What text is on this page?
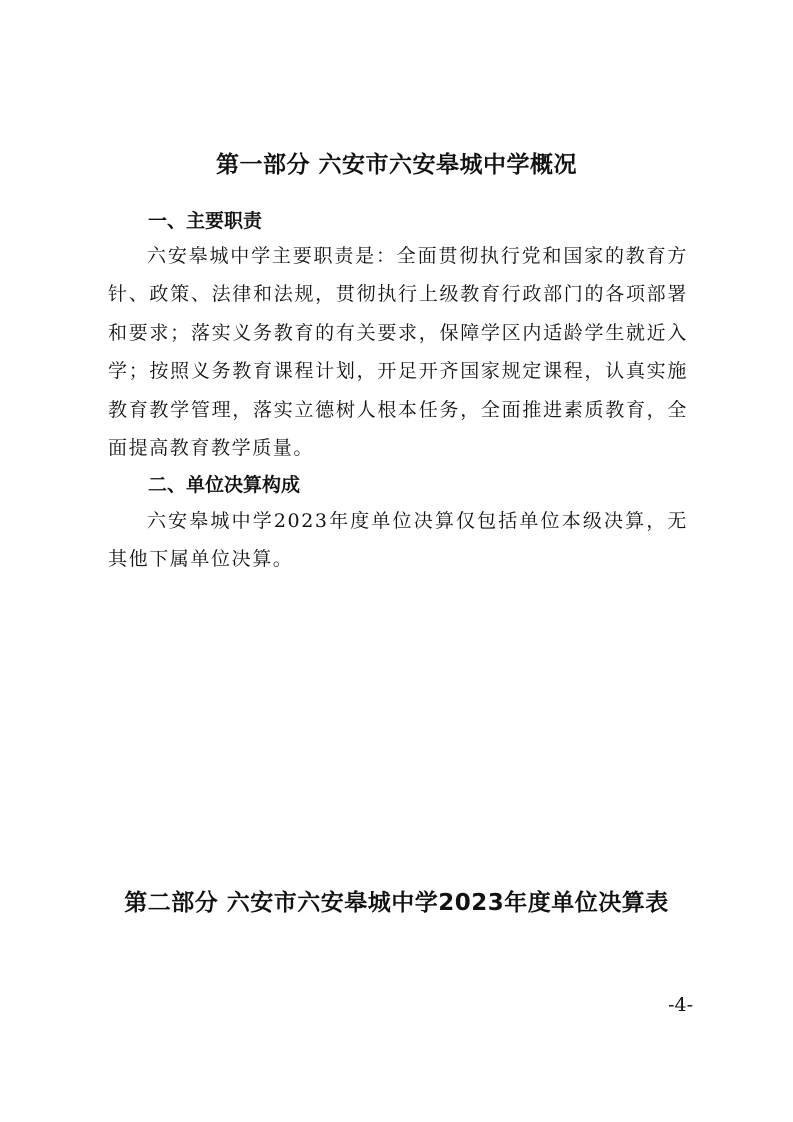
第一部分 六安市六安皋城中学概况
一、主要职责

六安皋城中学主要职责是：全面贯彻执行党和国家的教育方针、政策、法律和法规，贯彻执行上级教育行政部门的各项部署和要求；落实义务教育的有关要求，保障学区内适龄学生就近入学；按照义务教育课程计划，开足开齐国家规定课程，认真实施教育教学管理，落实立德树人根本任务，全面推进素质教育，全面提高教育教学质量。

二、单位决算构成

六安皋城中学2023年度单位决算仅包括单位本级决算，无其他下属单位决算。

第二部分 六安市六安皋城中学2023年度单位决算表
-4-
